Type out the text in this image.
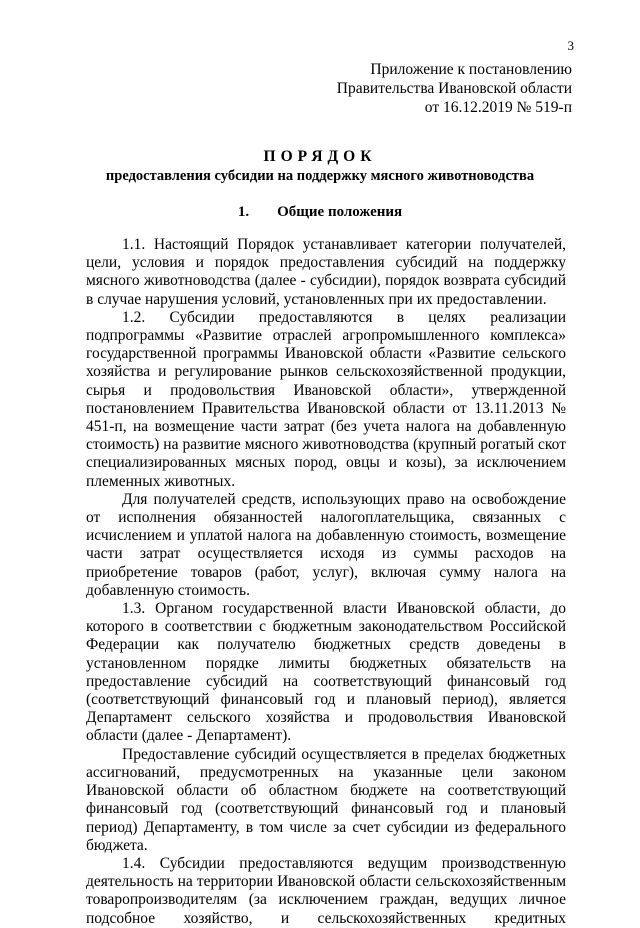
3
Приложение к постановлению
Правительства Ивановской области
от 16.12.2019 № 519-п
ПОРЯДОК
предоставления субсидии на поддержку мясного животноводства
1. Общие положения

1.1. Настоящий Порядок устанавливает категории получателей, цели, условия и порядок предоставления субсидий на поддержку мясного животноводства (далее - субсидии), порядок возврата субсидий в случае нарушения условий, установленных при их предоставлении.

1.2. Субсидии предоставляются в целях реализации подпрограммы «Развитие отраслей агропромышленного комплекса» государственной программы Ивановской области «Развитие сельского хозяйства и регулирование рынков сельскохозяйственной продукции, сырья и продовольствия Ивановской области», утвержденной постановлением Правительства Ивановской области от 13.11.2013 № 451-п, на возмещение части затрат (без учета налога на добавленную стоимость) на развитие мясного животноводства (крупный рогатый скот специализированных мясных пород, овцы и козы), за исключением племенных животных.

Для получателей средств, использующих право на освобождение от исполнения обязанностей налогоплательщика, связанных с исчислением и уплатой налога на добавленную стоимость, возмещение части затрат осуществляется исходя из суммы расходов на приобретение товаров (работ, услуг), включая сумму налога на добавленную стоимость.

1.3. Органом государственной власти Ивановской области, до которого в соответствии с бюджетным законодательством Российской Федерации как получателю бюджетных средств доведены в установленном порядке лимиты бюджетных обязательств на предоставление субсидий на соответствующий финансовый год (соответствующий финансовый год и плановый период), является Департамент сельского хозяйства и продовольствия Ивановской области (далее - Департамент).

Предоставление субсидий осуществляется в пределах бюджетных ассигнований, предусмотренных на указанные цели законом Ивановской области об областном бюджете на соответствующий финансовый год (соответствующий финансовый год и плановый период) Департаменту, в том числе за счет субсидии из федерального бюджета.

1.4. Субсидии предоставляются ведущим производственную деятельность на территории Ивановской области сельскохозяйственным товаропроизводителям (за исключением граждан, ведущих личное подсобное хозяйство, и сельскохозяйственных кредитных
